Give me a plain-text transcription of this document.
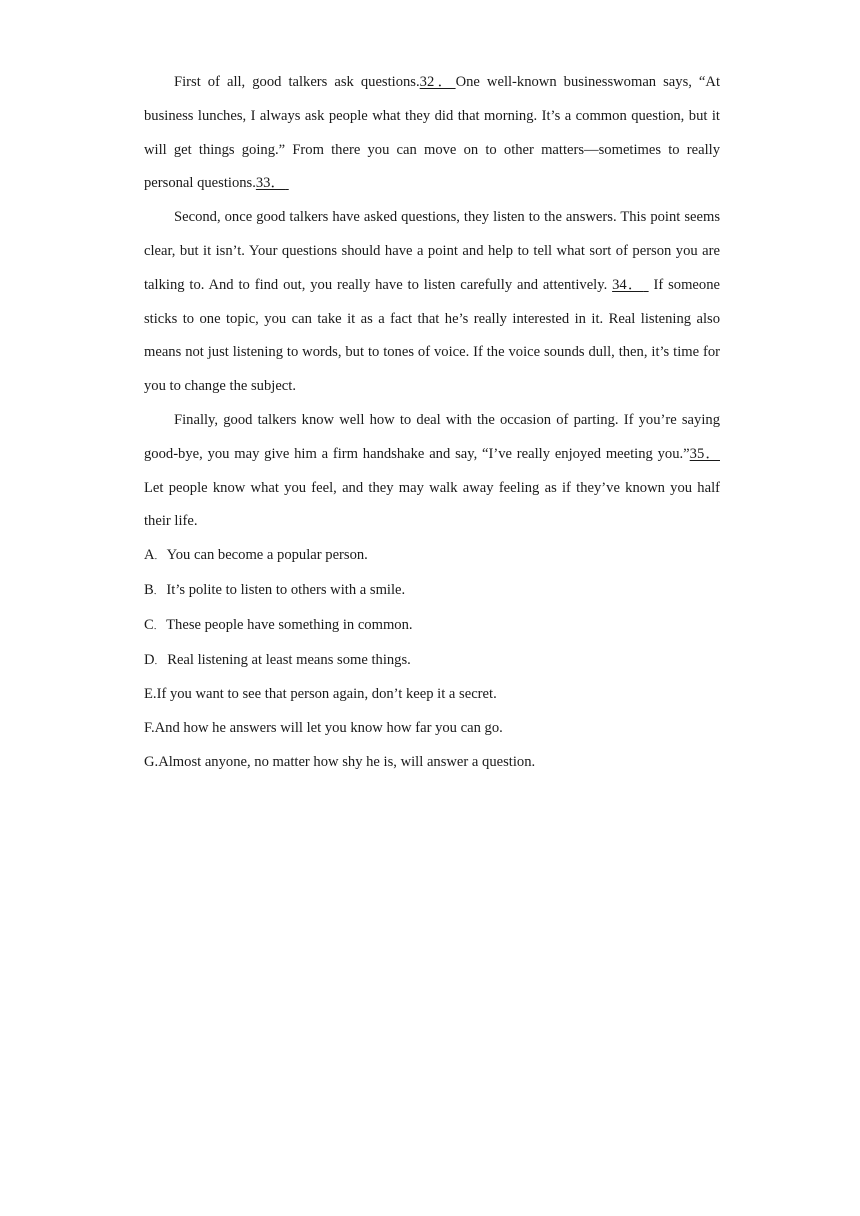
First of all, good talkers ask questions.32．One well-known businesswoman says, “At business lunches, I always ask people what they did that morning. It’s a common question, but it will get things going.” From there you can move on to other matters—sometimes to really personal questions.33．

Second, once good talkers have asked questions, they listen to the answers. This point seems clear, but it isn’t. Your questions should have a point and help to tell what sort of person you are talking to. And to find out, you really have to listen carefully and attentively. 34．  If someone sticks to one topic, you can take it as a fact that he’s really interested in it. Real listening also means not just listening to words, but to tones of voice. If the voice sounds dull, then, it’s time for you to change the subject.

Finally, good talkers know well how to deal with the occasion of parting. If you’re saying good-bye, you may give him a firm handshake and say, “I’ve really enjoyed meeting you.”35．Let people know what you feel, and they may walk away feeling as if they’ve known you half their life.

A． You can become a popular person.
B． It’s polite to listen to others with a smile.
C． These people have something in common.
D． Real listening at least means some things.
E.If you want to see that person again, don’t keep it a secret.
F.And how he answers will let you know how far you can go.
G.Almost anyone, no matter how shy he is, will answer a question.
